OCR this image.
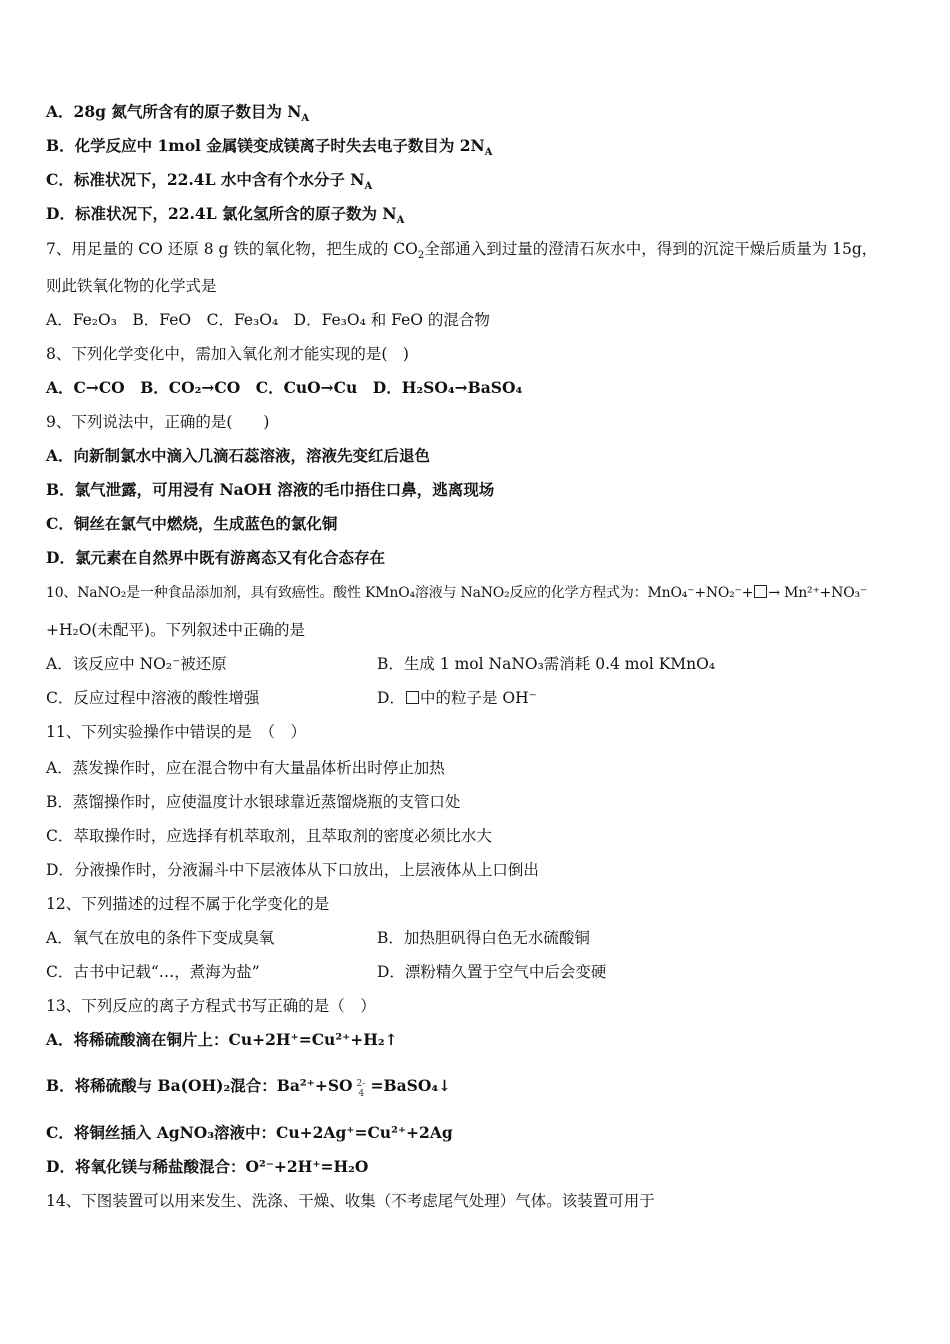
A．28g 氮气所含有的原子数目为 $N_A$
B．化学反应中 1mol 金属镁变成镁离子时失去电子数目为 $2N_A$
C．标准状况下，22.4L 水中含有个水分子 $N_A$
D．标准状况下，22.4L 氯化氢所含的原子数为 $N_A$
7、用足量的 CO 还原 8 g 铁的氧化物，把生成的 $CO_2$全部通入到过量的澄清石灰水中，得到的沉淀干燥后质量为 15g，
则此铁氧化物的化学式是
A．Fe₂O₃　B．FeO　C．Fe₃O₄　D．Fe₃O₄ 和 FeO 的混合物
8、下列化学变化中，需加入氧化剂才能实现的是(　)
A．C→CO　B．CO₂→CO　C．CuO→Cu　D．H₂SO₄→BaSO₄
9、下列说法中，正确的是(　　)
A．向新制氯水中滴入几滴石蕊溶液，溶液先变红后退色
B．氯气泄露，可用浸有 NaOH 溶液的毛巾捂住口鼻，逃离现场
C．铜丝在氯气中燃烧，生成蓝色的氯化铜
D．氯元素在自然界中既有游离态又有化合态存在
10、NaNO₂是一种食品添加剂，具有致癌性。酸性 KMnO₄溶液与 NaNO₂反应的化学方程式为：MnO₄⁻+NO₂⁻+ → Mn²⁺+NO₃⁻
+H₂O(未配平)。下列叙述中正确的是
A．该反应中 NO₂⁻被还原	B．生成 1 mol NaNO₃需消耗 0.4 mol KMnO₄
C．反应过程中溶液的酸性增强	D． 中的粒子是 OH⁻
11、下列实验操作中错误的是　（　）
A．蒸发操作时，应在混合物中有大量晶体析出时停止加热
B．蒸馏操作时，应使温度计水银球靠近蒸馏烧瓶的支管口处
C．萃取操作时，应选择有机萃取剂，且萃取剂的密度必须比水大
D．分液操作时，分液漏斗中下层液体从下口放出，上层液体从上口倒出
12、下列描述的过程不属于化学变化的是
A．氧气在放电的条件下变成臭氧	B．加热胆矾得白色无水硫酸铜
C．古书中记载“…，煮海为盐”	D．漂粉精久置于空气中后会变硬
13、下列反应的离子方程式书写正确的是（　）
A．将稀硫酸滴在铜片上：Cu+2H⁺=Cu²⁺+H₂↑
B．将稀硫酸与 Ba(OH)₂混合：Ba²⁺+SO 2-
4 =BaSO₄↓
C．将铜丝插入 AgNO₃溶液中：Cu+2Ag⁺=Cu²⁺+2Ag
D．将氧化镁与稀盐酸混合：O²⁻+2H⁺=H₂O
14、下图装置可以用来发生、洗涤、干燥、收集（不考虑尾气处理）气体。该装置可用于
